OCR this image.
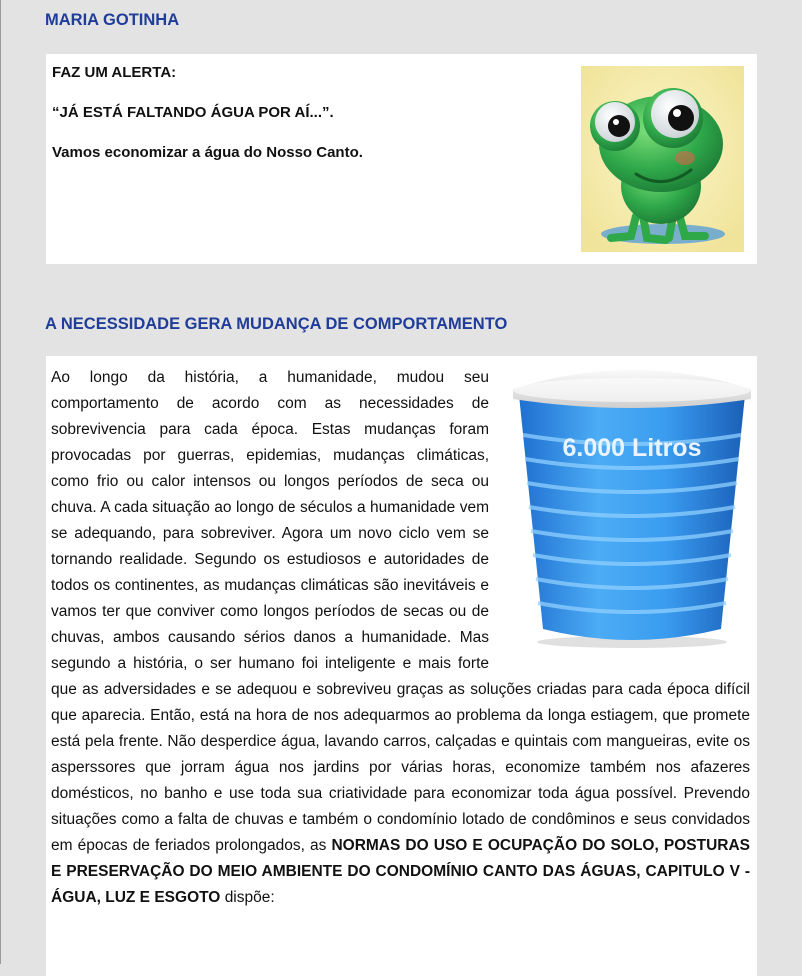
MARIA GOTINHA

FAZ UM ALERTA:

“JÁ ESTÁ FALTANDO ÁGUA POR AÍ...”.

Vamos economizar a água do Nosso Canto.

A NECESSIDADE GERA MUDANÇA DE COMPORTAMENTO
6.000 Litros
Ao longo da história, a humanidade, mudou seu comportamento de acordo com as necessidades de sobrevivencia para cada época. Estas mudanças foram provocadas por guerras, epidemias, mudanças climáticas, como frio ou calor intensos ou longos períodos de seca ou chuva. A cada situação ao longo de séculos a humanidade vem se adequando, para sobreviver. Agora um novo ciclo vem se tornando realidade. Segundo os estudiosos e autoridades de todos os continentes, as mudanças climáticas são inevitáveis e vamos ter que conviver como longos períodos de secas ou de chuvas, ambos causando sérios danos a humanidade. Mas segundo a história, o ser humano foi inteligente e mais forte que as adversidades e se adequou e sobreviveu graças as soluções criadas para cada época difícil que aparecia. Então, está na hora de nos adequarmos ao problema da longa estiagem, que promete está pela frente. Não desperdice água, lavando carros, calçadas e quintais com mangueiras, evite os asperssores que jorram água nos jardins por várias horas, economize também nos afazeres domésticos, no banho e use toda sua criatividade para economizar toda água possível. Prevendo situações como a falta de chuvas e também o condomínio lotado de condôminos e seus convidados em épocas de feriados prolongados, as NORMAS DO USO E OCUPAÇÃO DO SOLO, POSTURAS E PRESERVAÇÃO DO MEIO AMBIENTE DO CONDOMÍNIO CANTO DAS ÁGUAS, CAPITULO V - ÁGUA, LUZ E ESGOTO dispõe:
